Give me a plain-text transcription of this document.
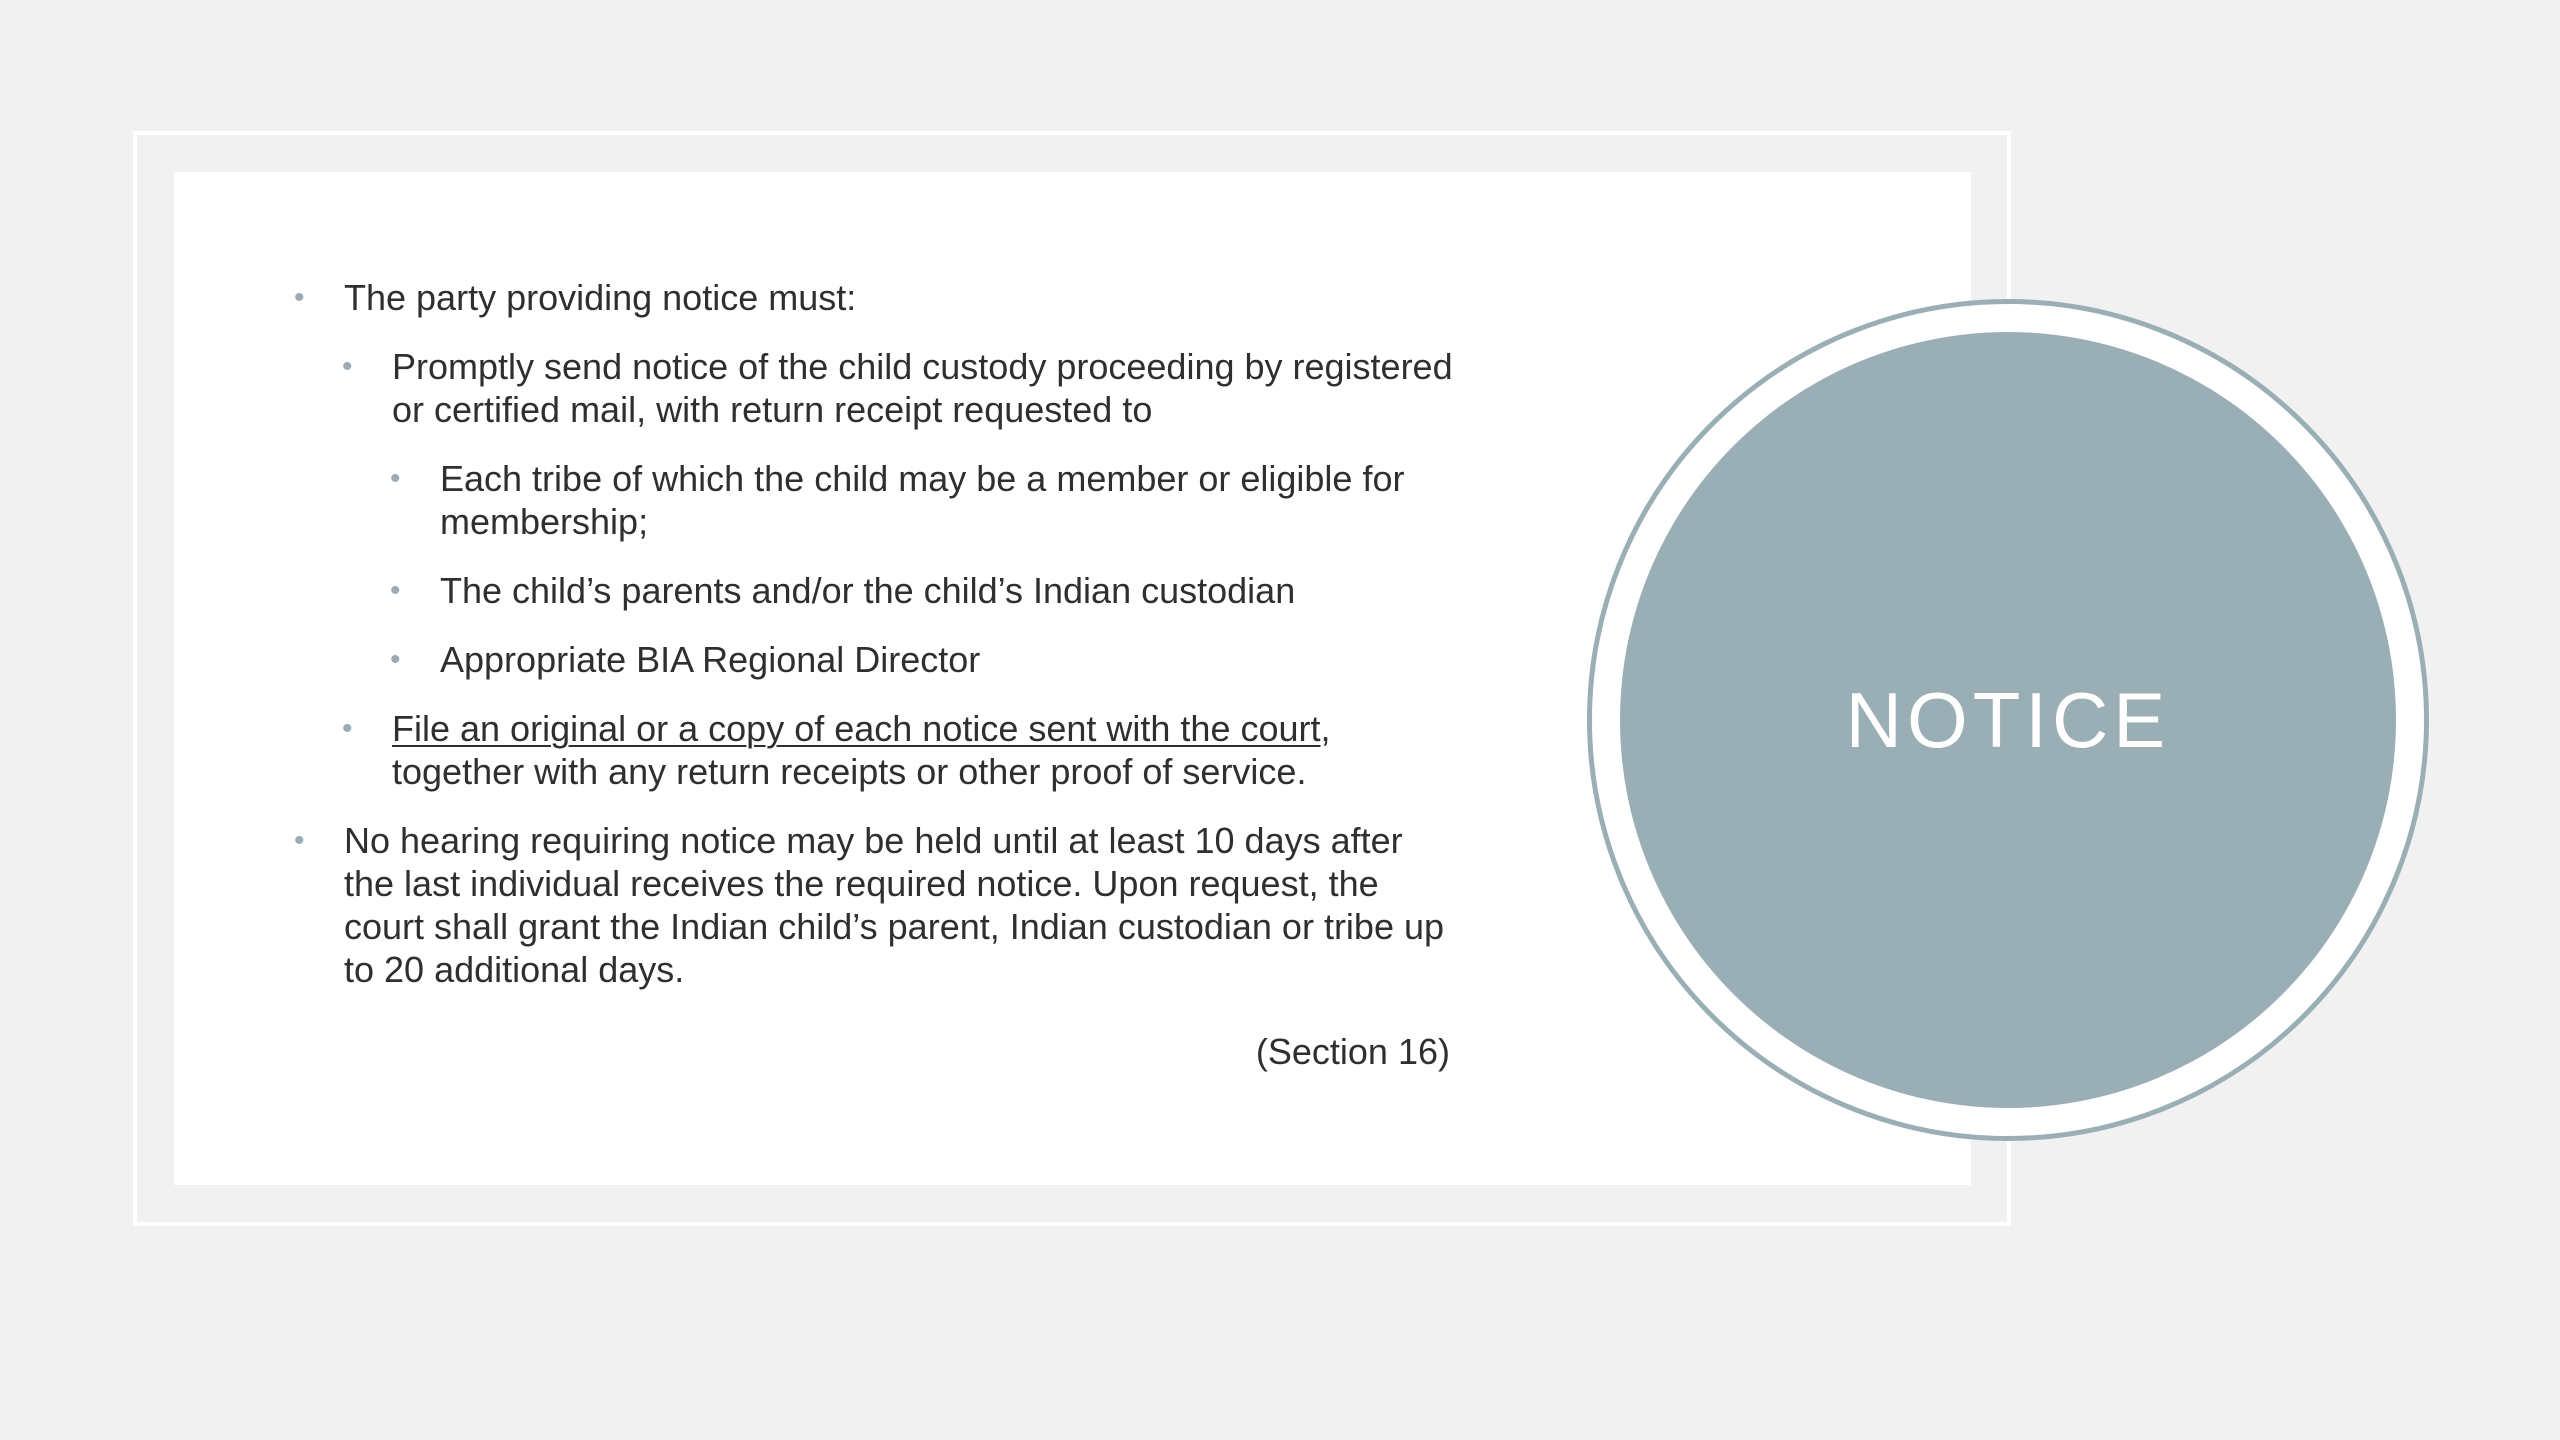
• The party providing notice must:

• Promptly send notice of the child custody proceeding by registered or certified mail, with return receipt requested to

• Each tribe of which the child may be a member or eligible for membership;

• The child’s parents and/or the child’s Indian custodian

• Appropriate BIA Regional Director

• File an original or a copy of each notice sent with the court, together with any return receipts or other proof of service.

• No hearing requiring notice may be held until at least 10 days after the last individual receives the required notice. Upon request, the court shall grant the Indian child’s parent, Indian custodian or tribe up to 20 additional days.

(Section 16)
NOTICE
